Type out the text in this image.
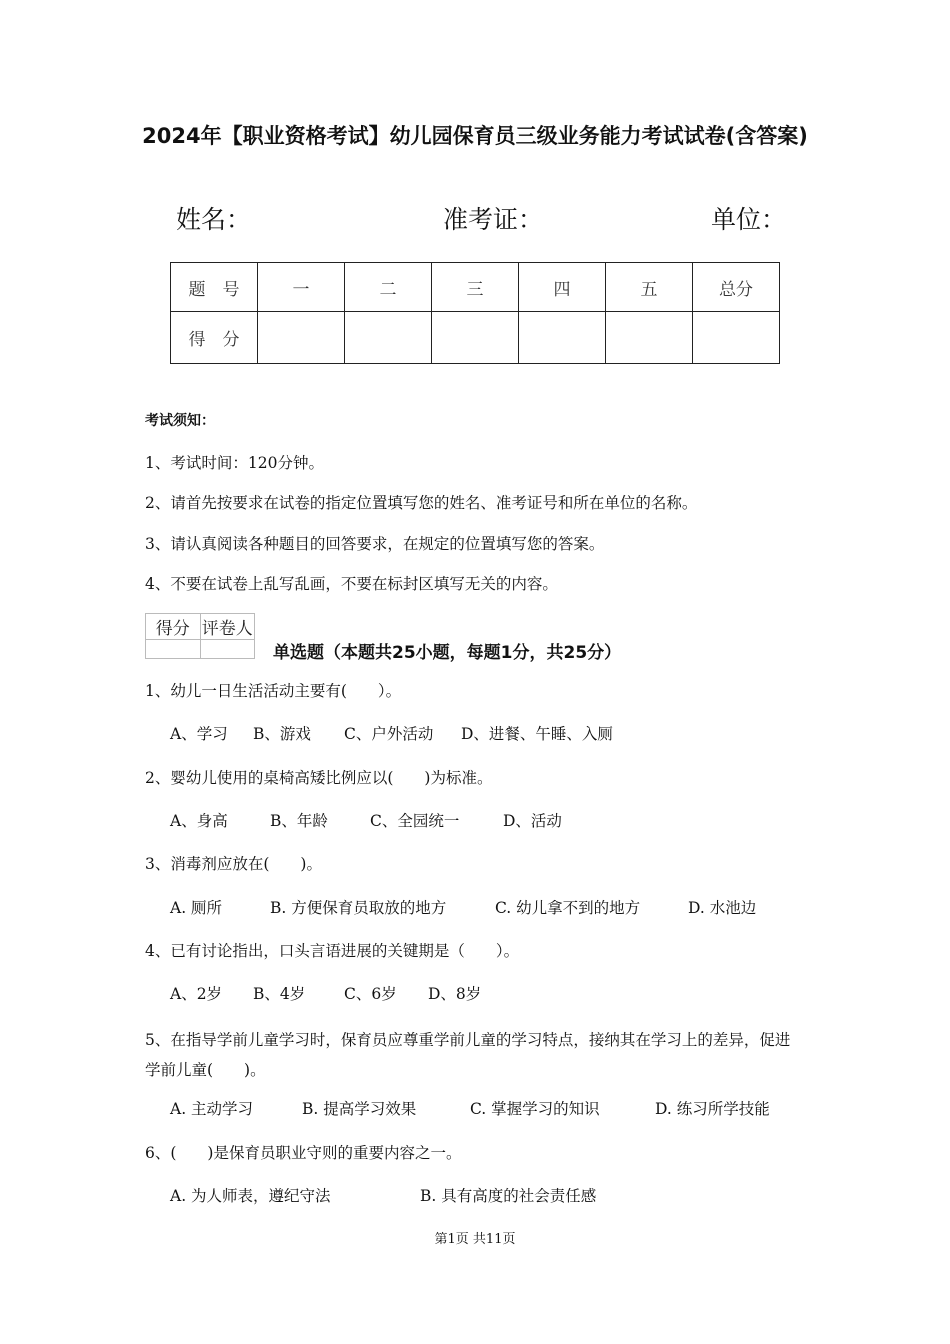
2024年【职业资格考试】幼儿园保育员三级业务能力考试试卷(含答案)
姓名：	准考证：	单位：
题　号	一	二	三	四	五	总分
得　分						
考试须知：
1、考试时间：120分钟。
2、请首先按要求在试卷的指定位置填写您的姓名、准考证号和所在单位的名称。
3、请认真阅读各种题目的回答要求，在规定的位置填写您的答案。
4、不要在试卷上乱写乱画，不要在标封区填写无关的内容。
得分	评卷人

单选题（本题共25小题，每题1分，共25分）
1、幼儿一日生活活动主要有(　　）。
A、学习 B、游戏 C、户外活动 D、进餐、午睡、入厕
2、婴幼儿使用的桌椅高矮比例应以(　　)为标准。
A、身高	B、年龄	C、全园统一	D、活动
3、消毒剂应放在(　　)。
A. 厕所	B. 方便保育员取放的地方	C. 幼儿拿不到的地方	D. 水池边
4、已有讨论指出，口头言语进展的关键期是（　　）。
A、2岁 B、4岁 C、6岁 D、8岁
5、在指导学前儿童学习时，保育员应尊重学前儿童的学习特点，接纳其在学习上的差异，促进学前儿童(　　)。
A. 主动学习	B. 提高学习效果	C. 掌握学习的知识	D. 练习所学技能
6、(　　)是保育员职业守则的重要内容之一。
A. 为人师表，遵纪守法	B. 具有高度的社会责任感
第1页 共11页
